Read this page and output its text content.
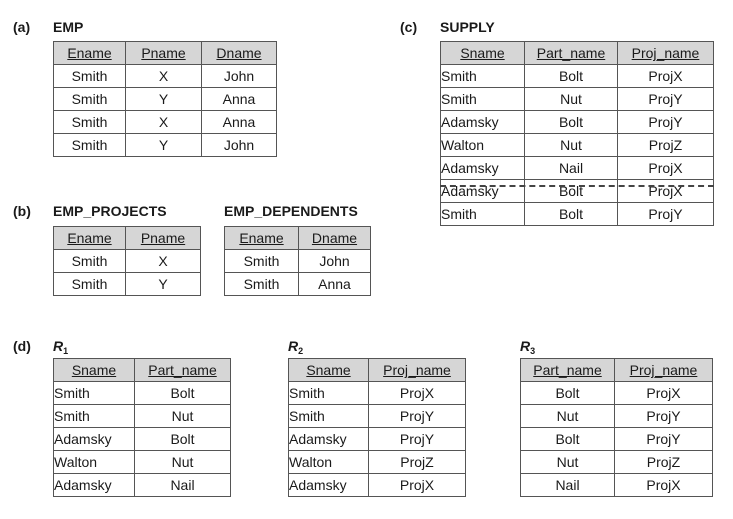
(a) EMP
Ename	Pname	Dname
Smith	X	John
Smith	Y	Anna
Smith	X	Anna
Smith	Y	John
(b) EMP_PROJECTS
Ename	Pname
Smith	X
Smith	Y
EMP_DEPENDENTS
Ename	Dname
Smith	John
Smith	Anna
(c) SUPPLY
Sname	Part_name	Proj_name
Smith	Bolt	ProjX
Smith	Nut	ProjY
Adamsky	Bolt	ProjY
Walton	Nut	ProjZ
Adamsky	Nail	ProjX
Adamsky	Bolt	ProjX
Smith	Bolt	ProjY
(d) $R_1$
Sname	Part_name
Smith	Bolt
Smith	Nut
Adamsky	Bolt
Walton	Nut
Adamsky	Nail
$R_2$
Sname	Proj_name
Smith	ProjX
Smith	ProjY
Adamsky	ProjY
Walton	ProjZ
Adamsky	ProjX
$R_3$
Part_name	Proj_name
Bolt	ProjX
Nut	ProjY
Bolt	ProjY
Nut	ProjZ
Nail	ProjX
